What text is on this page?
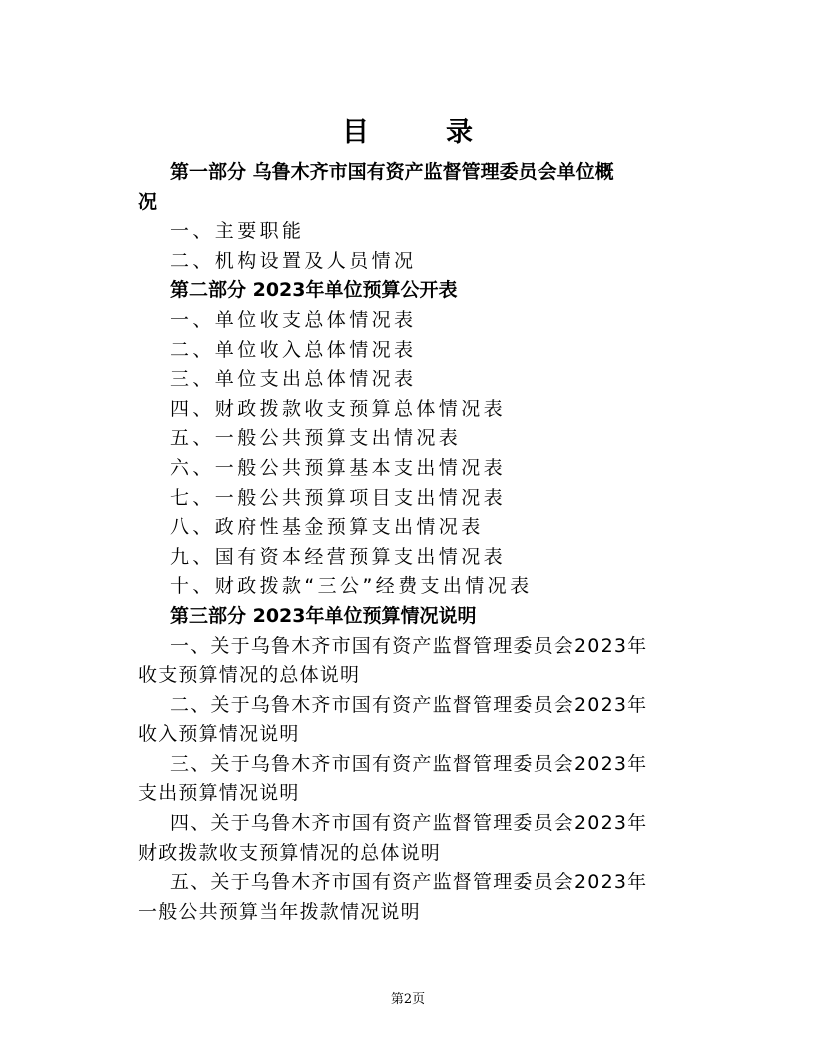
目	录
第一部分 乌鲁木齐市国有资产监督管理委员会单位概
况
一、主要职能
二、机构设置及人员情况
第二部分 2023年单位预算公开表
一、单位收支总体情况表
二、单位收入总体情况表
三、单位支出总体情况表
四、财政拨款收支预算总体情况表
五、一般公共预算支出情况表
六、一般公共预算基本支出情况表
七、一般公共预算项目支出情况表
八、政府性基金预算支出情况表
九、国有资本经营预算支出情况表
十、财政拨款“三公”经费支出情况表
第三部分 2023年单位预算情况说明
一、关于乌鲁木齐市国有资产监督管理委员会2023年
收支预算情况的总体说明
二、关于乌鲁木齐市国有资产监督管理委员会2023年
收入预算情况说明
三、关于乌鲁木齐市国有资产监督管理委员会2023年
支出预算情况说明
四、关于乌鲁木齐市国有资产监督管理委员会2023年
财政拨款收支预算情况的总体说明
五、关于乌鲁木齐市国有资产监督管理委员会2023年
一般公共预算当年拨款情况说明
第2页
